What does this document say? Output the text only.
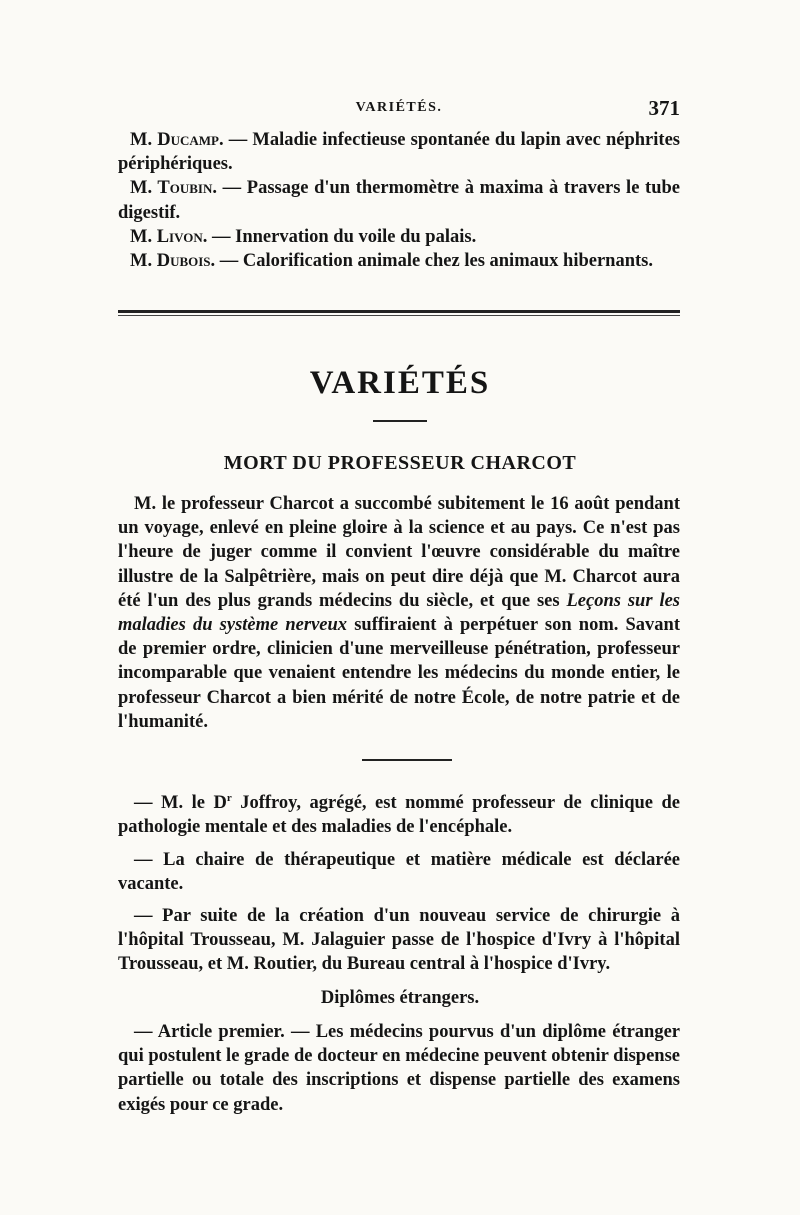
VARIÉTÉS.	371

M. Ducamp. — Maladie infectieuse spontanée du lapin avec néphrites périphériques.

M. Toubin. — Passage d'un thermomètre à maxima à travers le tube digestif.

M. Livon. — Innervation du voile du palais.

M. Dubois. — Calorification animale chez les animaux hibernants.

VARIÉTÉS
MORT DU PROFESSEUR CHARCOT

M. le professeur Charcot a succombé subitement le 16 août pendant un voyage, enlevé en pleine gloire à la science et au pays. Ce n'est pas l'heure de juger comme il convient l'œuvre considérable du maître illustre de la Salpêtrière, mais on peut dire déjà que M. Charcot aura été l'un des plus grands médecins du siècle, et que ses Leçons sur les maladies du système nerveux suffiraient à perpétuer son nom. Savant de premier ordre, clinicien d'une merveilleuse pénétration, professeur incomparable que venaient entendre les médecins du monde entier, le professeur Charcot a bien mérité de notre École, de notre patrie et de l'humanité.

— M. le $D^r$ Joffroy, agrégé, est nommé professeur de clinique de pathologie mentale et des maladies de l'encéphale.

— La chaire de thérapeutique et matière médicale est déclarée vacante.

— Par suite de la création d'un nouveau service de chirurgie à l'hôpital Trousseau, M. Jalaguier passe de l'hospice d'Ivry à l'hôpital Trousseau, et M. Routier, du Bureau central à l'hospice d'Ivry.

Diplômes étrangers.

— Article premier. — Les médecins pourvus d'un diplôme étranger qui postulent le grade de docteur en médecine peuvent obtenir dispense partielle ou totale des inscriptions et dispense partielle des examens exigés pour ce grade.
